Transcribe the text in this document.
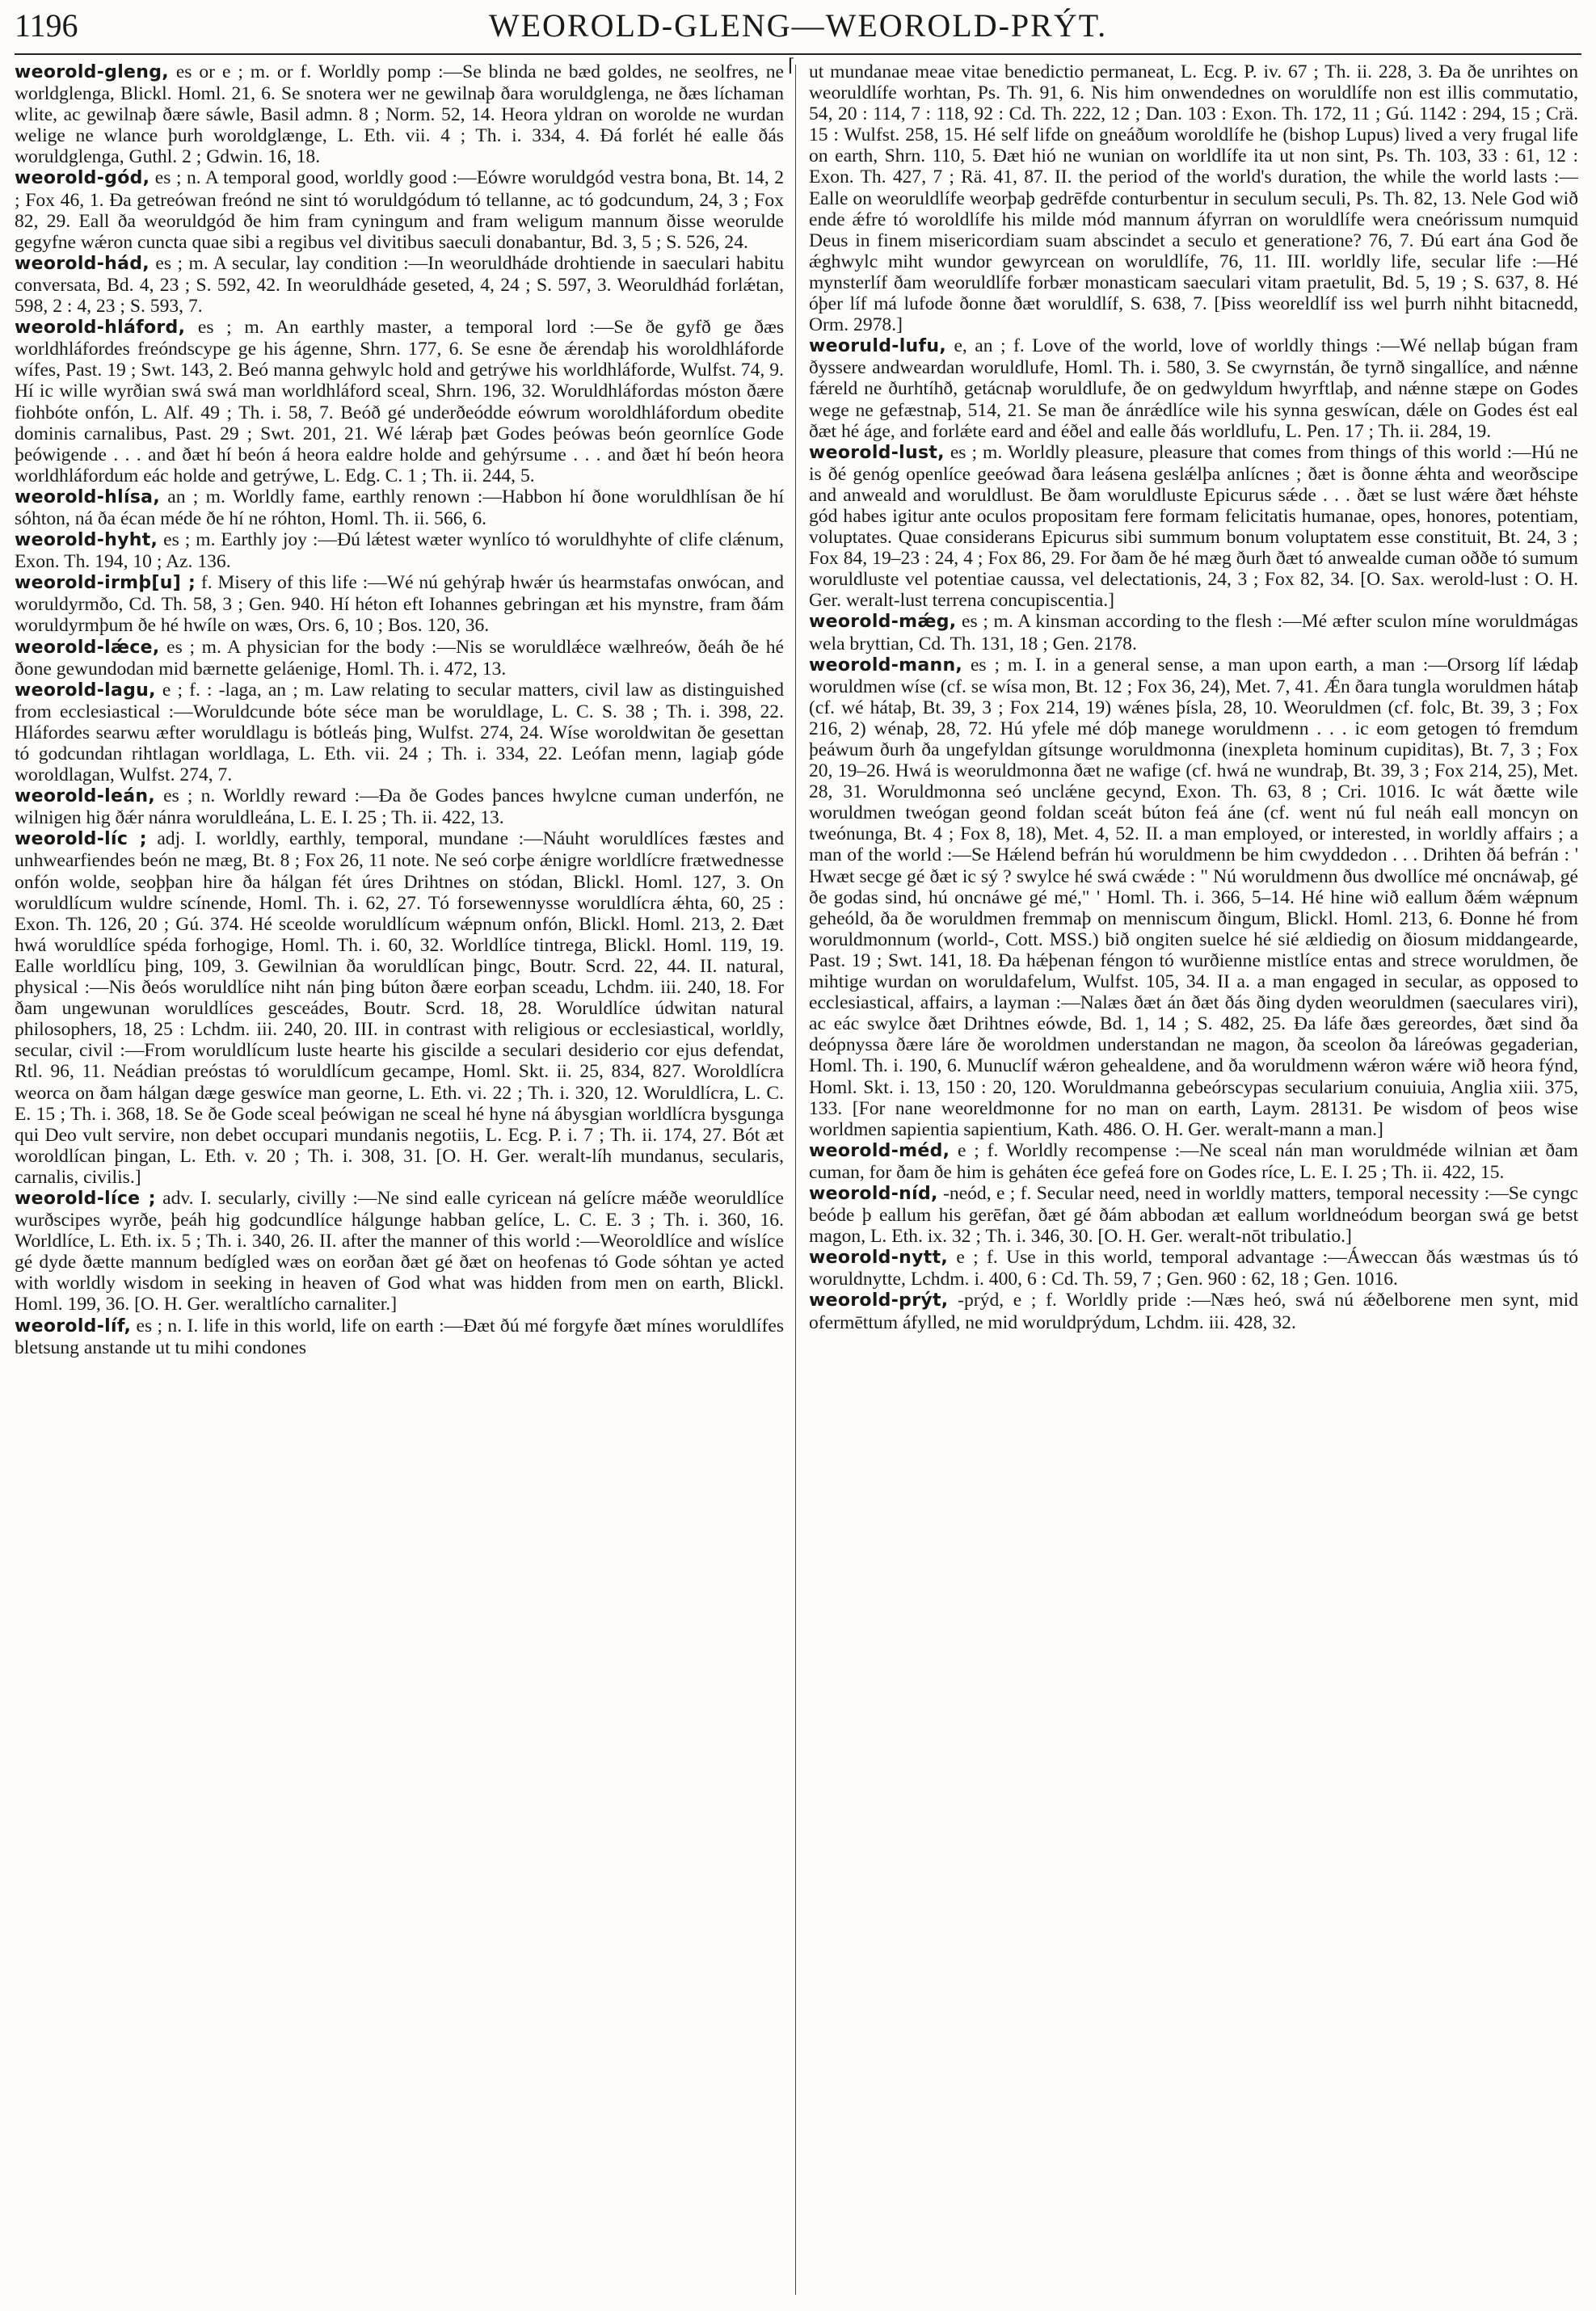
1196	WEOROLD-GLENG—WEOROLD-PRÝT.
⌈

weorold-gleng, es or e ; m. or f. Worldly pomp :—Se blinda ne bæd goldes, ne seolfres, ne worldglenga, Blickl. Homl. 21, 6. Se snotera wer ne gewilnaþ ðara woruldglenga, ne ðæs líchaman wlite, ac gewilnaþ ðære sáwle, Basil admn. 8 ; Norm. 52, 14. Heora yldran on worolde ne wurdan welige ne wlance þurh woroldglænge, L. Eth. vii. 4 ; Th. i. 334, 4. Ðá forlét hé ealle ðás woruldglenga, Guthl. 2 ; Gdwin. 16, 18.

weorold-gód, es ; n. A temporal good, worldly good :—Eówre woruldgód vestra bona, Bt. 14, 2 ; Fox 46, 1. Ða getreówan freónd ne sint tó woruldgódum tó tellanne, ac tó godcundum, 24, 3 ; Fox 82, 29. Eall ða weoruldgód ðe him fram cyningum and fram weligum mannum ðisse weorulde gegyfne wǽron cuncta quae sibi a regibus vel divitibus saeculi donabantur, Bd. 3, 5 ; S. 526, 24.

weorold-hád, es ; m. A secular, lay condition :—In weoruldháde drohtiende in saeculari habitu conversata, Bd. 4, 23 ; S. 592, 42. In weoruldháde geseted, 4, 24 ; S. 597, 3. Weoruldhád forlǽtan, 598, 2 : 4, 23 ; S. 593, 7.

weorold-hláford, es ; m. An earthly master, a temporal lord :—Se ðe gyfð ge ðæs worldhláfordes freóndscype ge his ágenne, Shrn. 177, 6. Se esne ðe ǽrendaþ his woroldhláforde wífes, Past. 19 ; Swt. 143, 2. Beó manna gehwylc hold and getrýwe his worldhláforde, Wulfst. 74, 9. Hí ic wille wyrðian swá swá man worldhláford sceal, Shrn. 196, 32. Woruldhláfordas móston ðære fiohbóte onfón, L. Alf. 49 ; Th. i. 58, 7. Beóð gé underðeódde eówrum woroldhláfordum obedite dominis carnalibus, Past. 29 ; Swt. 201, 21. Wé lǽraþ þæt Godes þeówas beón geornlíce Gode þeówigende . . . and ðæt hí beón á heora ealdre holde and gehýrsume . . . and ðæt hí beón heora worldhláfordum eác holde and getrýwe, L. Edg. C. 1 ; Th. ii. 244, 5.

weorold-hlísa, an ; m. Worldly fame, earthly renown :—Habbon hí ðone woruldhlísan ðe hí sóhton, ná ða écan méde ðe hí ne róhton, Homl. Th. ii. 566, 6.

weorold-hyht, es ; m. Earthly joy :—Ðú lǽtest wæter wynlíco tó woruldhyhte of clife clǽnum, Exon. Th. 194, 10 ; Az. 136.

weorold-irmþ[u] ; f. Misery of this life :—Wé nú gehýraþ hwǽr ús hearmstafas onwócan, and woruldyrmðo, Cd. Th. 58, 3 ; Gen. 940. Hí héton eft Iohannes gebringan æt his mynstre, fram ðám woruldyrmþum ðe hé hwíle on wæs, Ors. 6, 10 ; Bos. 120, 36.

weorold-lǽce, es ; m. A physician for the body :—Nis se woruldlǽce wælhreów, ðeáh ðe hé ðone gewundodan mid bærnette geláenige, Homl. Th. i. 472, 13.

weorold-lagu, e ; f. : -laga, an ; m. Law relating to secular matters, civil law as distinguished from ecclesiastical :—Woruldcunde bóte séce man be woruldlage, L. C. S. 38 ; Th. i. 398, 22. Hláfordes searwu æfter woruldlagu is bótleás þing, Wulfst. 274, 24. Wíse woroldwitan ðe gesettan tó godcundan rihtlagan worldlaga, L. Eth. vii. 24 ; Th. i. 334, 22. Leófan menn, lagiaþ góde woroldlagan, Wulfst. 274, 7.

weorold-leán, es ; n. Worldly reward :—Ða ðe Godes þances hwylcne cuman underfón, ne wilnigen hig ðǽr nánra woruldleána, L. E. I. 25 ; Th. ii. 422, 13.

weorold-líc ; adj. I. worldly, earthly, temporal, mundane :—Náuht woruldlíces fæstes and unhwearfiendes beón ne mæg, Bt. 8 ; Fox 26, 11 note. Ne seó corþe ǽnigre worldlícre frætwednesse onfón wolde, seoþþan hire ða hálgan fét úres Drihtnes on stódan, Blickl. Homl. 127, 3. On woruldlícum wuldre scínende, Homl. Th. i. 62, 27. Tó forsewennysse woruldlícra ǽhta, 60, 25 : Exon. Th. 126, 20 ; Gú. 374. Hé sceolde woruldlícum wǽpnum onfón, Blickl. Homl. 213, 2. Ðæt hwá woruldlíce spéda forhogige, Homl. Th. i. 60, 32. Worldlíce tintrega, Blickl. Homl. 119, 19. Ealle worldlícu þing, 109, 3. Gewilnian ða woruldlícan þingc, Boutr. Scrd. 22, 44. II. natural, physical :—Nis ðeós woruldlíce niht nán þing búton ðære eorþan sceadu, Lchdm. iii. 240, 18. For ðam ungewunan woruldlíces gesceádes, Boutr. Scrd. 18, 28. Woruldlíce údwitan natural philosophers, 18, 25 : Lchdm. iii. 240, 20. III. in contrast with religious or ecclesiastical, worldly, secular, civil :—From woruldlícum luste hearte his giscilde a seculari desiderio cor ejus defendat, Rtl. 96, 11. Neádian preóstas tó woruldlícum gecampe, Homl. Skt. ii. 25, 834, 827. Woroldlícra weorca on ðam hálgan dæge geswíce man georne, L. Eth. vi. 22 ; Th. i. 320, 12. Woruldlícra, L. C. E. 15 ; Th. i. 368, 18. Se ðe Gode sceal þeówigan ne sceal hé hyne ná ábysgian worldlícra bysgunga qui Deo vult servire, non debet occupari mundanis negotiis, L. Ecg. P. i. 7 ; Th. ii. 174, 27. Bót æt woroldlícan þingan, L. Eth. v. 20 ; Th. i. 308, 31. [O. H. Ger. weralt-líh mundanus, secularis, carnalis, civilis.]

weorold-líce ; adv. I. secularly, civilly :—Ne sind ealle cyricean ná gelícre mǽðe weoruldlíce wurðscipes wyrðe, þeáh hig godcundlíce hálgunge habban gelíce, L. C. E. 3 ; Th. i. 360, 16. Worldlíce, L. Eth. ix. 5 ; Th. i. 340, 26. II. after the manner of this world :—Weoroldlíce and wíslíce gé dyde ðætte mannum bedígled wæs on eorðan ðæt gé ðæt on heofenas tó Gode sóhtan ye acted with worldly wisdom in seeking in heaven of God what was hidden from men on earth, Blickl. Homl. 199, 36. [O. H. Ger. weraltlícho carnaliter.]

weorold-líf, es ; n. I. life in this world, life on earth :—Ðæt ðú mé forgyfe ðæt mínes woruldlífes bletsung anstande ut tu mihi condones

ut mundanae meae vitae benedictio permaneat, L. Ecg. P. iv. 67 ; Th. ii. 228, 3. Ða ðe unrihtes on weoruldlífe worhtan, Ps. Th. 91, 6. Nis him onwendednes on woruldlífe non est illis commutatio, 54, 20 : 114, 7 : 118, 92 : Cd. Th. 222, 12 ; Dan. 103 : Exon. Th. 172, 11 ; Gú. 1142 : 294, 15 ; Crä. 15 : Wulfst. 258, 15. Hé self lifde on gneáðum woroldlífe he (bishop Lupus) lived a very frugal life on earth, Shrn. 110, 5. Ðæt hió ne wunian on worldlífe ita ut non sint, Ps. Th. 103, 33 : 61, 12 : Exon. Th. 427, 7 ; Rä. 41, 87. II. the period of the world's duration, the while the world lasts :—Ealle on weoruldlífe weorþaþ gedrēfde conturbentur in seculum seculi, Ps. Th. 82, 13. Nele God wið ende ǽfre tó woroldlífe his milde mód mannum áfyrran on woruldlífe wera cneórissum numquid Deus in finem misericordiam suam abscindet a seculo et generatione? 76, 7. Ðú eart ána God ðe ǽghwylc miht wundor gewyrcean on woruldlífe, 76, 11. III. worldly life, secular life :—Hé mynsterlíf ðam weoruldlífe forbær monasticam saeculari vitam praetulit, Bd. 5, 19 ; S. 637, 8. Hé óþer líf má lufode ðonne ðæt woruldlíf, S. 638, 7. [Þiss weoreldlíf iss wel þurrh nihht bitacnedd, Orm. 2978.]

weoruld-lufu, e, an ; f. Love of the world, love of worldly things :—Wé nellaþ búgan fram ðyssere andweardan woruldlufe, Homl. Th. i. 580, 3. Se cwyrnstán, ðe tyrnð singallíce, and nǽnne fǽreld ne ðurhtíhð, getácnaþ woruldlufe, ðe on gedwyldum hwyrftlaþ, and nǽnne stæpe on Godes wege ne gefæstnaþ, 514, 21. Se man ðe ánrǽdlíce wile his synna geswícan, dǽle on Godes ést eal ðæt hé áge, and forlǽte eard and éðel and ealle ðás worldlufu, L. Pen. 17 ; Th. ii. 284, 19.

weorold-lust, es ; m. Worldly pleasure, pleasure that comes from things of this world :—Hú ne is ðé genóg openlíce geeówad ðara leásena geslǽlþa anlícnes ; ðæt is ðonne ǽhta and weorðscipe and anweald and woruldlust. Be ðam woruldluste Epicurus sǽde . . . ðæt se lust wǽre ðæt héhste gód habes igitur ante oculos propositam fere formam felicitatis humanae, opes, honores, potentiam, voluptates. Quae considerans Epicurus sibi summum bonum voluptatem esse constituit, Bt. 24, 3 ; Fox 84, 19–23 : 24, 4 ; Fox 86, 29. For ðam ðe hé mæg ðurh ðæt tó anwealde cuman oððe tó sumum woruldluste vel potentiae caussa, vel delectationis, 24, 3 ; Fox 82, 34. [O. Sax. werold-lust : O. H. Ger. weralt-lust terrena concupiscentia.]

weorold-mǽg, es ; m. A kinsman according to the flesh :—Mé æfter sculon míne woruldmágas wela bryttian, Cd. Th. 131, 18 ; Gen. 2178.

weorold-mann, es ; m. I. in a general sense, a man upon earth, a man :—Orsorg líf lǽdaþ woruldmen wíse (cf. se wísa mon, Bt. 12 ; Fox 36, 24), Met. 7, 41. Ǽn ðara tungla woruldmen hátaþ (cf. wé hátaþ, Bt. 39, 3 ; Fox 214, 19) wǽnes þísla, 28, 10. Weoruldmen (cf. folc, Bt. 39, 3 ; Fox 216, 2) wénaþ, 28, 72. Hú yfele mé dóþ manege woruldmenn . . . ic eom getogen tó fremdum þeáwum ðurh ða ungefyldan gítsunge woruldmonna (inexpleta hominum cupiditas), Bt. 7, 3 ; Fox 20, 19–26. Hwá is weoruldmonna ðæt ne wafige (cf. hwá ne wundraþ, Bt. 39, 3 ; Fox 214, 25), Met. 28, 31. Woruldmonna seó unclǽne gecynd, Exon. Th. 63, 8 ; Cri. 1016. Ic wát ðætte wile woruldmen tweógan geond foldan sceát búton feá áne (cf. went nú ful neáh eall moncyn on tweónunga, Bt. 4 ; Fox 8, 18), Met. 4, 52. II. a man employed, or interested, in worldly affairs ; a man of the world :—Se Hǽlend befrán hú woruldmenn be him cwyddedon . . . Drihten ðá befrán : ' Hwæt secge gé ðæt ic sý ? swylce hé swá cwǽde : " Nú woruldmenn ðus dwollíce mé oncnáwaþ, gé ðe godas sind, hú oncnáwe gé mé," ' Homl. Th. i. 366, 5–14. Hé hine wið eallum ðǽm wǽpnum geheóld, ða ðe woruldmen fremmaþ on menniscum ðingum, Blickl. Homl. 213, 6. Ðonne hé from woruldmonnum (world-, Cott. MSS.) bið ongiten suelce hé sié ældiedig on ðiosum middangearde, Past. 19 ; Swt. 141, 18. Ða hǽþenan féngon tó wurðienne mistlíce entas and strece woruldmen, ðe mihtige wurdan on woruldafelum, Wulfst. 105, 34. II a. a man engaged in secular, as opposed to ecclesiastical, affairs, a layman :—Nalæs ðæt án ðæt ðás ðing dyden weoruldmen (saeculares viri), ac eác swylce ðæt Drihtnes eówde, Bd. 1, 14 ; S. 482, 25. Ða láfe ðæs gereordes, ðæt sind ða deópnyssa ðære láre ðe woroldmen understandan ne magon, ða sceolon ða láreówas gegaderian, Homl. Th. i. 190, 6. Munuclíf wǽron gehealdene, and ða woruldmenn wǽron wǽre wið heora fýnd, Homl. Skt. i. 13, 150 : 20, 120. Woruldmanna gebeórscypas secularium conuiuia, Anglia xiii. 375, 133. [For nane weoreldmonne for no man on earth, Laym. 28131. Þe wisdom of þeos wise worldmen sapientia sapientium, Kath. 486. O. H. Ger. weralt-mann a man.]

weorold-méd, e ; f. Worldly recompense :—Ne sceal nán man woruldméde wilnian æt ðam cuman, for ðam ðe him is geháten éce gefeá fore on Godes ríce, L. E. I. 25 ; Th. ii. 422, 15.

weorold-níd, -neód, e ; f. Secular need, need in worldly matters, temporal necessity :—Se cyngc beóde þ eallum his gerēfan, ðæt gé ðám abbodan æt eallum worldneódum beorgan swá ge betst magon, L. Eth. ix. 32 ; Th. i. 346, 30. [O. H. Ger. weralt-nōt tribulatio.]

weorold-nytt, e ; f. Use in this world, temporal advantage :—Áweccan ðás wæstmas ús tó woruldnytte, Lchdm. i. 400, 6 : Cd. Th. 59, 7 ; Gen. 960 : 62, 18 ; Gen. 1016.

weorold-prýt, -prýd, e ; f. Worldly pride :—Næs heó, swá nú ǽðelborene men synt, mid ofermēttum áfylled, ne mid woruldprýdum, Lchdm. iii. 428, 32.
